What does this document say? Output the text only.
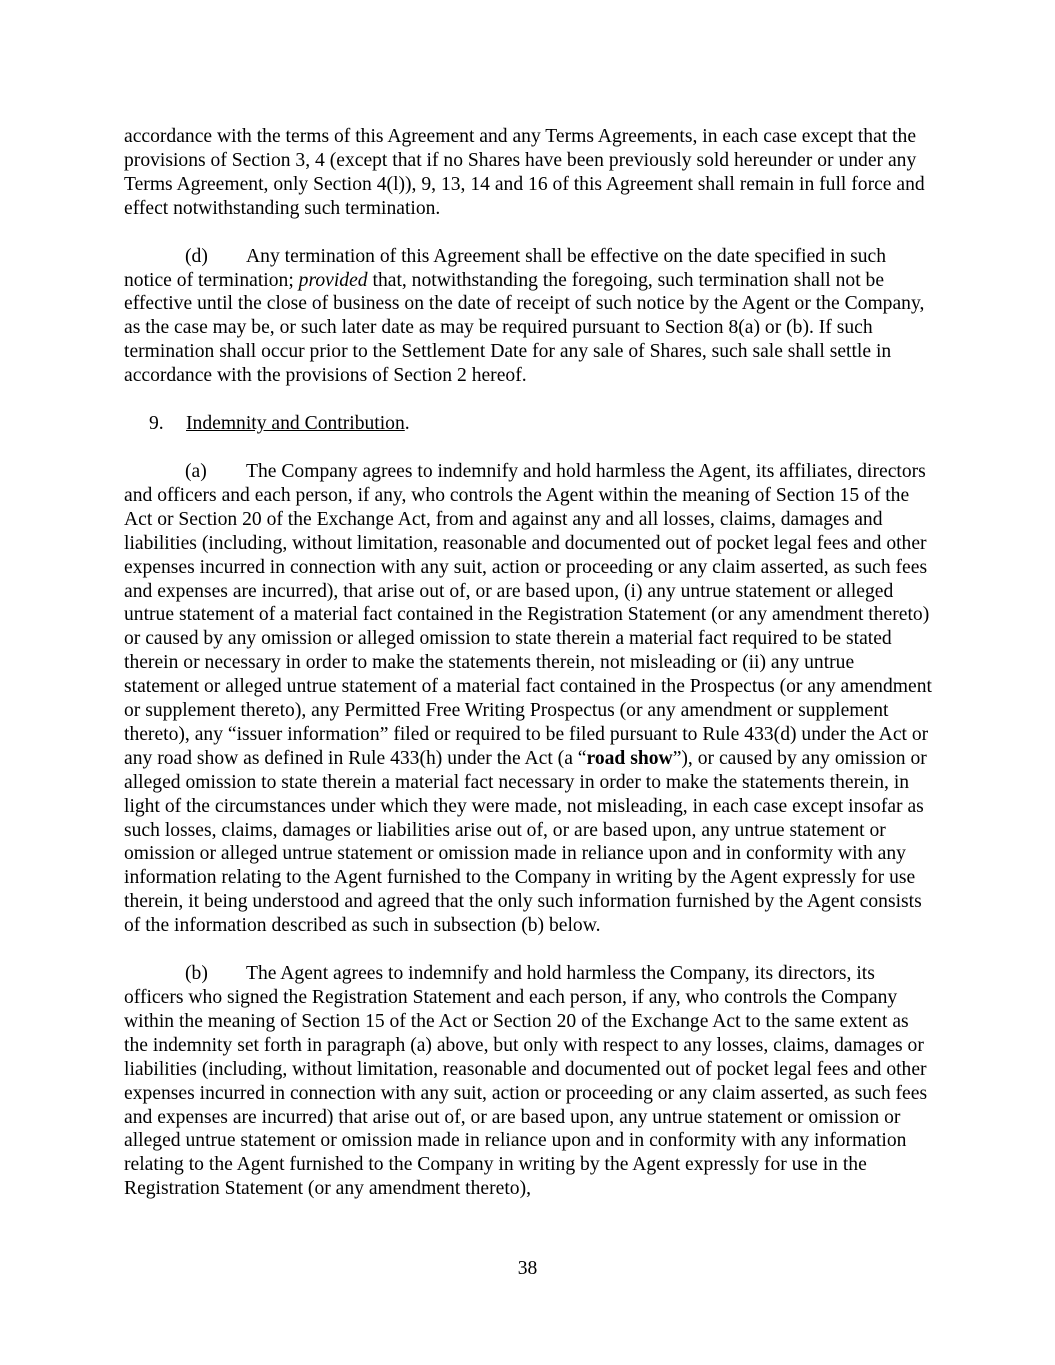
accordance with the terms of this Agreement and any Terms Agreements, in each case except that the provisions of Section 3, 4 (except that if no Shares have been previously sold hereunder or under any Terms Agreement, only Section 4(l)), 9, 13, 14 and 16 of this Agreement shall remain in full force and effect notwithstanding such termination.

(d) Any termination of this Agreement shall be effective on the date specified in such notice of termination; provided that, notwithstanding the foregoing, such termination shall not be effective until the close of business on the date of receipt of such notice by the Agent or the Company, as the case may be, or such later date as may be required pursuant to Section 8(a) or (b). If such termination shall occur prior to the Settlement Date for any sale of Shares, such sale shall settle in accordance with the provisions of Section 2 hereof.

9. Indemnity and Contribution.

(a) The Company agrees to indemnify and hold harmless the Agent, its affiliates, directors and officers and each person, if any, who controls the Agent within the meaning of Section 15 of the Act or Section 20 of the Exchange Act, from and against any and all losses, claims, damages and liabilities (including, without limitation, reasonable and documented out of pocket legal fees and other expenses incurred in connection with any suit, action or proceeding or any claim asserted, as such fees and expenses are incurred), that arise out of, or are based upon, (i) any untrue statement or alleged untrue statement of a material fact contained in the Registration Statement (or any amendment thereto) or caused by any omission or alleged omission to state therein a material fact required to be stated therein or necessary in order to make the statements therein, not misleading or (ii) any untrue statement or alleged untrue statement of a material fact contained in the Prospectus (or any amendment or supplement thereto), any Permitted Free Writing Prospectus (or any amendment or supplement thereto), any “issuer information” filed or required to be filed pursuant to Rule 433(d) under the Act or any road show as defined in Rule 433(h) under the Act (a “road show”), or caused by any omission or alleged omission to state therein a material fact necessary in order to make the statements therein, in light of the circumstances under which they were made, not misleading, in each case except insofar as such losses, claims, damages or liabilities arise out of, or are based upon, any untrue statement or omission or alleged untrue statement or omission made in reliance upon and in conformity with any information relating to the Agent furnished to the Company in writing by the Agent expressly for use therein, it being understood and agreed that the only such information furnished by the Agent consists of the information described as such in subsection (b) below.

(b) The Agent agrees to indemnify and hold harmless the Company, its directors, its officers who signed the Registration Statement and each person, if any, who controls the Company within the meaning of Section 15 of the Act or Section 20 of the Exchange Act to the same extent as the indemnity set forth in paragraph (a) above, but only with respect to any losses, claims, damages or liabilities (including, without limitation, reasonable and documented out of pocket legal fees and other expenses incurred in connection with any suit, action or proceeding or any claim asserted, as such fees and expenses are incurred) that arise out of, or are based upon, any untrue statement or omission or alleged untrue statement or omission made in reliance upon and in conformity with any information relating to the Agent furnished to the Company in writing by the Agent expressly for use in the Registration Statement (or any amendment thereto),

38
